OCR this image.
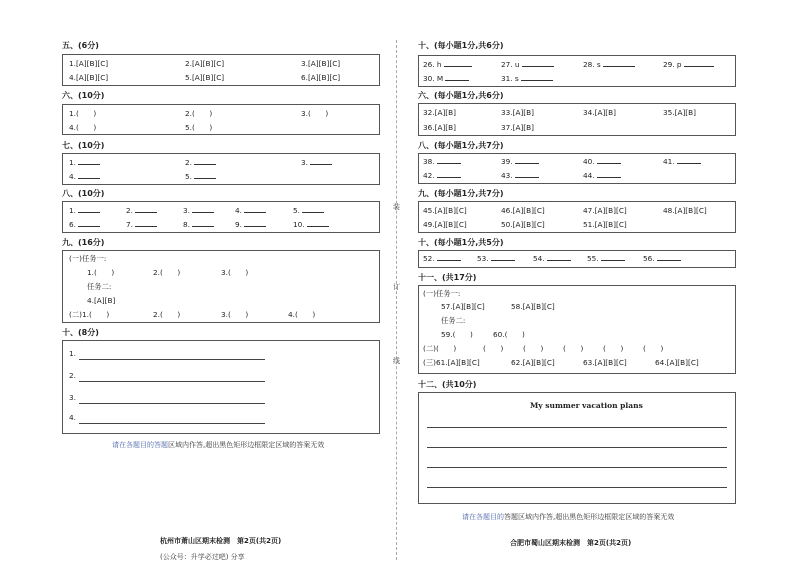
五、(6分)
1.[A][B][C]	2.[A][B][C]	3.[A][B][C]
4.[A][B][C]	5.[A][B][C]	6.[A][B][C]
六、(10分)
1.(　　)	2.(　　)	3.(　　)
4.(　　)	5.(　　)
七、(10分)
1.	2.	3.
4.	5.
八、(10分)
1.	2.	3.	4.	5.
6.	7.	8.	9.	10.
九、(16分)
(一)任务一:
1.(　　)	2.(　　)	3.(　　)
任务二:
4.[A][B]
(二)1.(　　)	2.(　　)	3.(　　)	4.(　　)
十、(8分)
1.
2.
3.
4.
请在各题目的答题区域内作答,超出黑色矩形边框限定区域的答案无效
杭州市萧山区期末检测　第2页(共2页)
(公众号：升学必过吧) 分享
装
订
线
十、(每小题1分,共6分)
26. h	27. u	28. s	29. p
30. M	31. s
六、(每小题1分,共6分)
32.[A][B]	33.[A][B]	34.[A][B]	35.[A][B]
36.[A][B]	37.[A][B]
八、(每小题1分,共7分)
38.	39.	40.	41.
42.	43.	44.
九、(每小题1分,共7分)
45.[A][B][C]	46.[A][B][C]	47.[A][B][C]	48.[A][B][C]
49.[A][B][C]	50.[A][B][C]	51.[A][B][C]
十、(每小题1分,共5分)
52.	53.	54.	55.	56.
十一、(共17分)
(一)任务一:
57.[A][B][C]	58.[A][B][C]
任务二:
59.(　　)	60.(　　)
(二)(　　)	(　　)	(　　)	(　　)	(　　)	(　　)
(三)61.[A][B][C]	62.[A][B][C]	63.[A][B][C]	64.[A][B][C]
十二、(共10分)
My summer vacation plans
请在各题目的答题区域内作答,超出黑色矩形边框限定区域的答案无效
合肥市蜀山区期末检测　第2页(共2页)
